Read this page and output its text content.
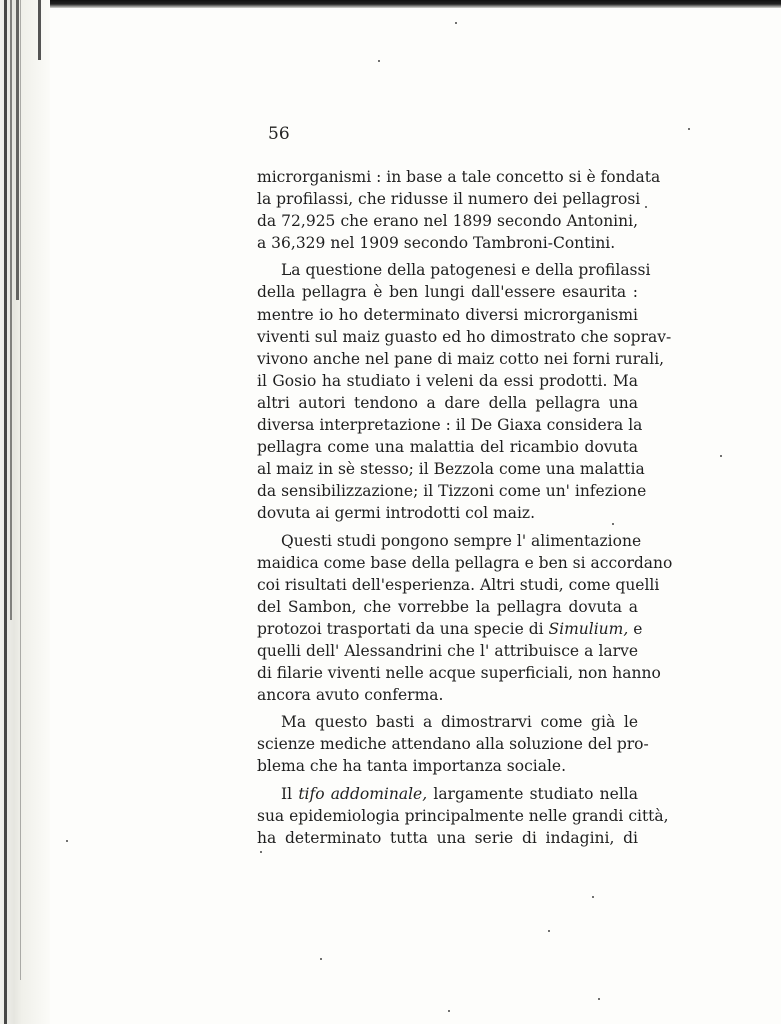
56
microrganismi : in base a tale concetto si è fondata
la profilassi, che ridusse il numero dei pellagrosi
da 72,925 che erano nel 1899 secondo Antonini,
a 36,329 nel 1909 secondo Tambroni-Contini.
La questione della patogenesi e della profilassi
della pellagra è ben lungi dall'essere esaurita :
mentre io ho determinato diversi microrganismi
viventi sul maiz guasto ed ho dimostrato che soprav-
vivono anche nel pane di maiz cotto nei forni rurali,
il Gosio ha studiato i veleni da essi prodotti. Ma
altri autori tendono a dare della pellagra una
diversa interpretazione : il De Giaxa considera la
pellagra come una malattia del ricambio dovuta
al maiz in sè stesso; il Bezzola come una malattia
da sensibilizzazione; il Tizzoni come un' infezione
dovuta ai germi introdotti col maiz.
Questi studi pongono sempre l' alimentazione
maidica come base della pellagra e ben si accordano
coi risultati dell'esperienza. Altri studi, come quelli
del Sambon, che vorrebbe la pellagra dovuta a
protozoi trasportati da una specie di Simulium, e
quelli dell' Alessandrini che l' attribuisce a larve
di filarie viventi nelle acque superficiali, non hanno
ancora avuto conferma.
Ma questo basti a dimostrarvi come già le
scienze mediche attendano alla soluzione del pro-
blema che ha tanta importanza sociale.
Il tifo addominale, largamente studiato nella
sua epidemiologia principalmente nelle grandi città,
ha determinato tutta una serie di indagini, di
